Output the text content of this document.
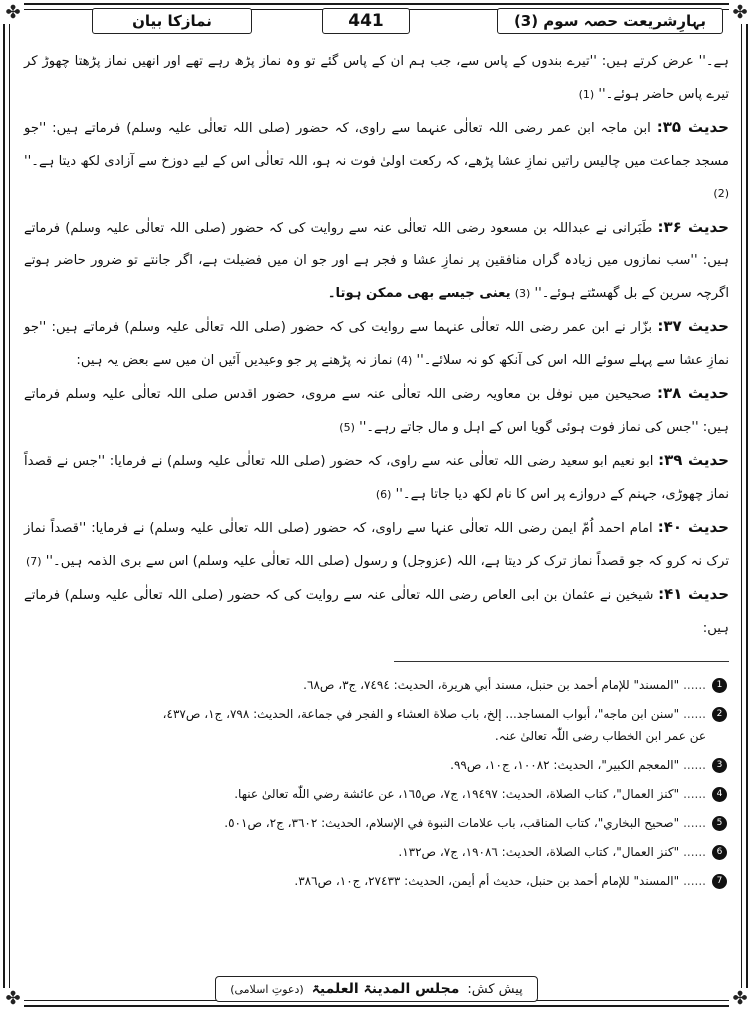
✤	✤
✤	✤
بہارِشریعت حصہ سوم (3)
441
نمازکا بیان

ہے۔'' عرض کرتے ہیں: ''تیرے بندوں کے پاس سے، جب ہم ان کے پاس گئے تو وہ نماز پڑھ رہے تھے اور انھیں نماز پڑھتا چھوڑ کر تیرے پاس حاضر ہوئے۔'' (1)

حدیث ۳۵: ابن ماجہ ابن عمر رضی اللہ تعالٰی عنہما سے راوی، کہ حضور (صلی اللہ تعالٰی علیہ وسلم) فرماتے ہیں: ''جو مسجد جماعت میں چالیس راتیں نمازِ عشا پڑھے، کہ رکعت اولیٰ فوت نہ ہو، اللہ تعالٰی اس کے لیے دوزخ سے آزادی لکھ دیتا ہے۔'' (2)

حدیث ۳۶: طَبَرانی نے عبداللہ بن مسعود رضی اللہ تعالٰی عنہ سے روایت کی کہ حضور (صلی اللہ تعالٰی علیہ وسلم) فرماتے ہیں: ''سب نمازوں میں زیادہ گراں منافقین پر نمازِ عشا و فجر ہے اور جو ان میں فضیلت ہے، اگر جانتے تو ضرور حاضر ہوتے اگرچہ سرین کے بل گھسٹتے ہوئے۔'' (3) یعنی جیسے بھی ممکن ہوتا۔

حدیث ۳۷: بزّار نے ابن عمر رضی اللہ تعالٰی عنہما سے روایت کی کہ حضور (صلی اللہ تعالٰی علیہ وسلم) فرماتے ہیں: ''جو نمازِ عشا سے پہلے سوئے اللہ اس کی آنکھ کو نہ سلائے۔'' (4) نماز نہ پڑھنے پر جو وعیدیں آئیں ان میں سے بعض یہ ہیں:

حدیث ۳۸: صحیحین میں نوفل بن معاویہ رضی اللہ تعالٰی عنہ سے مروی، حضور اقدس صلی اللہ تعالٰی علیہ وسلم فرماتے ہیں: ''جس کی نماز فوت ہوئی گویا اس کے اہل و مال جاتے رہے۔'' (5)

حدیث ۳۹: ابو نعیم ابو سعید رضی اللہ تعالٰی عنہ سے راوی، کہ حضور (صلی اللہ تعالٰی علیہ وسلم) نے فرمایا: ''جس نے قصداً نماز چھوڑی، جہنم کے دروازے پر اس کا نام لکھ دیا جاتا ہے۔'' (6)

حدیث ۴۰: امام احمد اُمّ ایمن رضی اللہ تعالٰی عنہا سے راوی، کہ حضور (صلی اللہ تعالٰی علیہ وسلم) نے فرمایا: ''قصداً نماز ترک نہ کرو کہ جو قصداً نماز ترک کر دیتا ہے، اللہ (عزوجل) و رسول (صلی اللہ تعالٰی علیہ وسلم) اس سے بری الذمہ ہیں۔'' (7)

حدیث ۴۱: شیخین نے عثمان بن ابی العاص رضی اللہ تعالٰی عنہ سے روایت کی کہ حضور (صلی اللہ تعالٰی علیہ وسلم) فرماتے ہیں:

1......"المسند" للإمام أحمد بن حنبل، مسند أبي هريرة، الحديث: ٧٤٩٤، ج٣، ص٦٨.
2......"سنن ابن ماجه"، أبواب المساجد... إلخ، باب صلاة العشاء و الفجر في جماعة، الحديث: ٧٩٨، ج١، ص٤٣٧،
عن عمر ابن الخطاب رضی اللّٰہ تعالیٰ عنہ.
3......"المعجم الكبير"، الحديث: ١٠٠٨٢، ج١٠، ص٩٩.
4......"كنز العمال"، كتاب الصلاة، الحديث: ١٩٤٩٧، ج٧، ص١٦٥، عن عائشة رضي اللّٰه تعالیٰ عنها.
5......"صحيح البخاري"، كتاب المناقب، باب علامات النبوة في الإسلام، الحديث: ٣٦٠٢، ج٢، ص٥٠١.
6......"كنز العمال"، كتاب الصلاة، الحديث: ١٩٠٨٦، ج٧، ص١٣٢.
7......"المسند" للإمام أحمد بن حنبل، حديث أم أيمن، الحديث: ٢٧٤٣٣، ج١٠، ص٣٨٦.
پیش کش:
مجلس المدینۃ العلمیۃ
(دعوتِ اسلامی)
